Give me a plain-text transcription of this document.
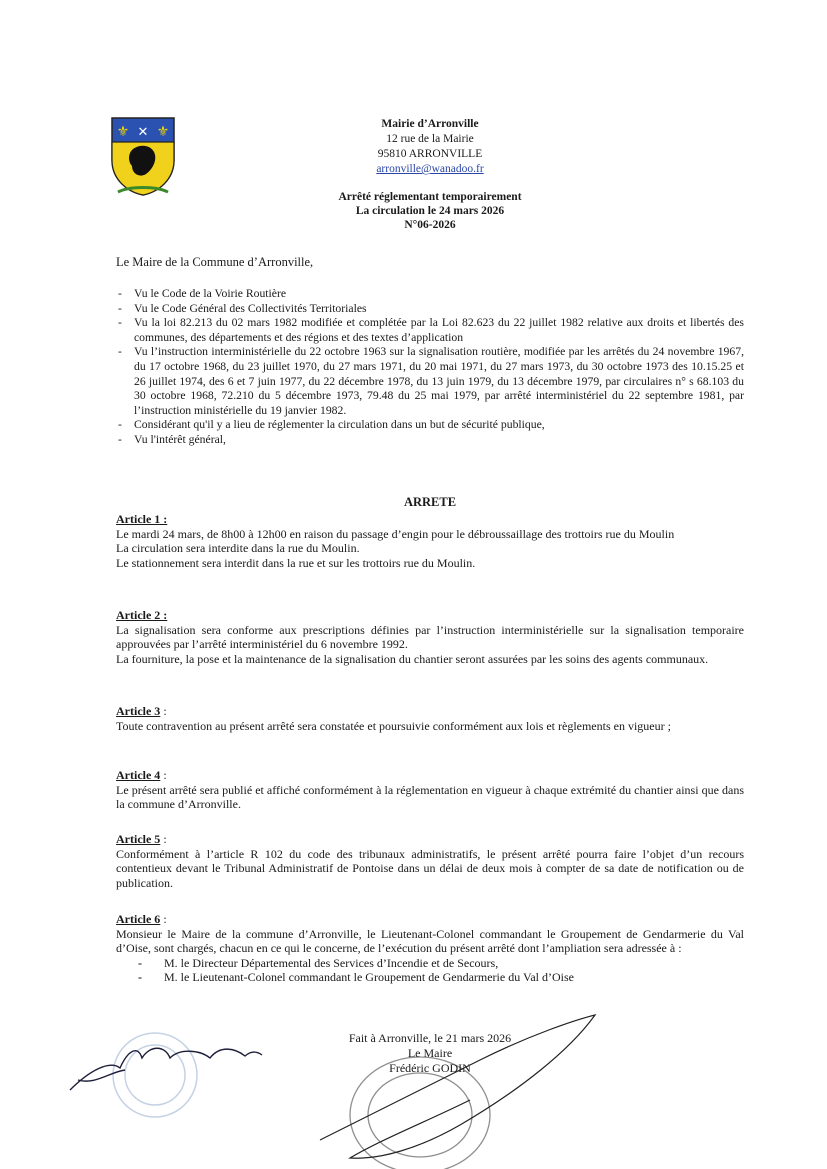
⚜ ✕ ⚜
Mairie d’Arronville
12 rue de la Mairie
95810 ARRONVILLE
arronville@wanadoo.fr
Arrêté réglementant temporairement
La circulation le 24 mars 2026
N°06-2026
Le Maire de la Commune d’Arronville,
- Vu le Code de la Voirie Routière
- Vu le Code Général des Collectivités Territoriales
- Vu la loi 82.213 du 02 mars 1982 modifiée et complétée par la Loi 82.623 du 22 juillet 1982 relative aux droits et libertés des communes, des départements et des régions et des textes d’application
- Vu l’instruction interministérielle du 22 octobre 1963 sur la signalisation routière, modifiée par les arrêtés du 24 novembre 1967, du 17 octobre 1968, du 23 juillet 1970, du 27 mars 1971, du 20 mai 1971, du 27 mars 1973, du 30 octobre 1973 des 10.15.25 et 26 juillet 1974, des 6 et 7 juin 1977, du 22 décembre 1978, du 13 juin 1979, du 13 décembre 1979, par circulaires n° s 68.103 du 30 octobre 1968, 72.210 du 5 décembre 1973, 79.48 du 25 mai 1979, par arrêté interministériel du 22 septembre 1981, par l’instruction ministérielle du 19 janvier 1982.
- Considérant qu'il y a lieu de réglementer la circulation dans un but de sécurité publique,
- Vu l'intérêt général,
ARRETE
Article 1 :

Le mardi 24 mars, de 8h00 à 12h00 en raison du passage d’engin pour le débroussaillage des trottoirs rue du Moulin

La circulation sera interdite dans la rue du Moulin.

Le stationnement sera interdit dans la rue et sur les trottoirs rue du Moulin.

Article 2 :

La signalisation sera conforme aux prescriptions définies par l’instruction interministérielle sur la signalisation temporaire approuvées par l’arrêté interministériel du 6 novembre 1992.

La fourniture, la pose et la maintenance de la signalisation du chantier seront assurées par les soins des agents communaux.

Article 3 :

Toute contravention au présent arrêté sera constatée et poursuivie conformément aux lois et règlements en vigueur ;

Article 4 :

Le présent arrêté sera publié et affiché conformément à la réglementation en vigueur à chaque extrémité du chantier ainsi que dans la commune d’Arronville.

Article 5 :

Conformément à l’article R 102 du code des tribunaux administratifs, le présent arrêté pourra faire l’objet d’un recours contentieux devant le Tribunal Administratif de Pontoise dans un délai de deux mois à compter de sa date de notification ou de publication.

Article 6 :

Monsieur le Maire de la commune d’Arronville, le Lieutenant-Colonel commandant le Groupement de Gendarmerie du Val d’Oise, sont chargés, chacun en ce qui le concerne, de l’exécution du présent arrêté dont l’ampliation sera adressée à :

- M. le Directeur Départemental des Services d’Incendie et de Secours,
- M. le Lieutenant-Colonel commandant le Groupement de Gendarmerie du Val d’Oise
Fait à Arronville, le 21 mars 2026
Le Maire
Frédéric GODIN
